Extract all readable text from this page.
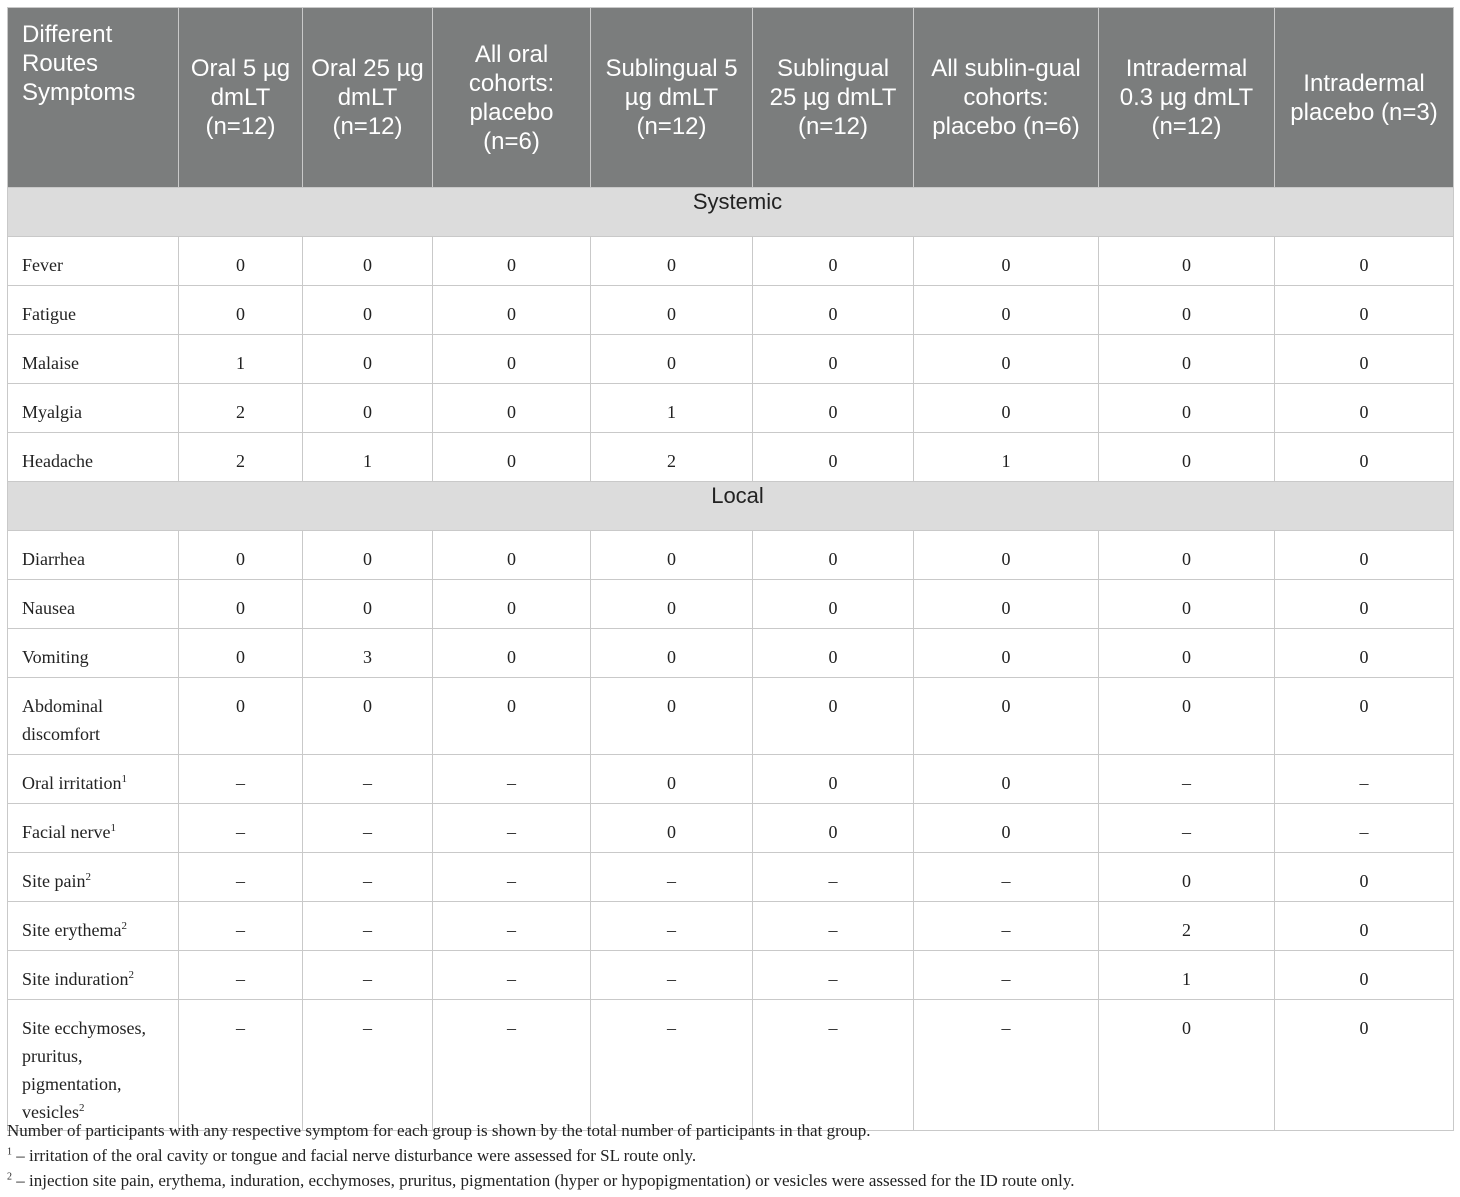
Different Routes Symptoms	Oral 5 µg dmLT (n=12)	Oral 25 µg dmLT (n=12)	All oral cohorts: placebo (n=6)	Sublingual 5 µg dmLT (n=12)	Sublingual 25 µg dmLT (n=12)	All sublin-gual cohorts: placebo (n=6)	Intradermal 0.3 µg dmLT (n=12)	Intradermal placebo (n=3)
Systemic								
Fever	0	0	0	0	0	0	0	0
Fatigue	0	0	0	0	0	0	0	0
Malaise	1	0	0	0	0	0	0	0
Myalgia	2	0	0	1	0	0	0	0
Headache	2	1	0	2	0	1	0	0
Local								
Diarrhea	0	0	0	0	0	0	0	0
Nausea	0	0	0	0	0	0	0	0
Vomiting	0	3	0	0	0	0	0	0
Abdominal discomfort	0	0	0	0	0	0	0	0
Oral irritation$^1$	–	–	–	0	0	0	–	–
Facial nerve$^1$	–	–	–	0	0	0	–	–
Site pain$^2$	–	–	–	–	–	–	0	0
Site erythema$^2$	–	–	–	–	–	–	2	0
Site induration$^2$	–	–	–	–	–	–	1	0
Site ecchymoses, pruritus, pigmentation, vesicles$^2$	–	–	–	–	–	–	0	0

Number of participants with any respective symptom for each group is shown by the total number of participants in that group.

$^1$ – irritation of the oral cavity or tongue and facial nerve disturbance were assessed for SL route only.

$^2$ – injection site pain, erythema, induration, ecchymoses, pruritus, pigmentation (hyper or hypopigmentation) or vesicles were assessed for the ID route only.
